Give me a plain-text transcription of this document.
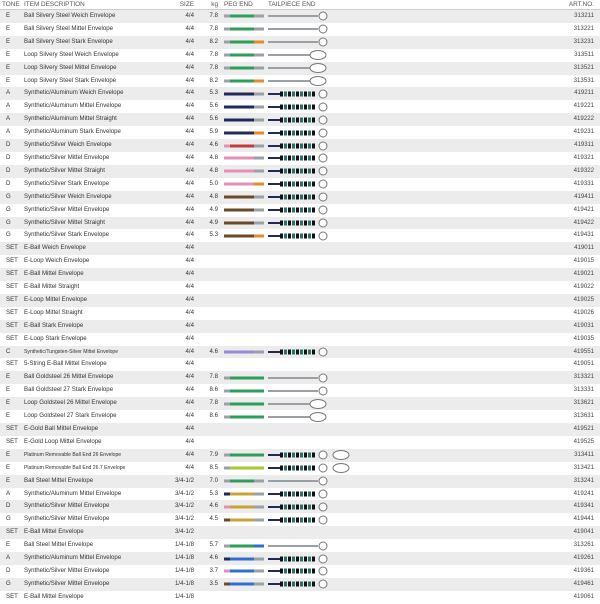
TONE	ITEM DESCRIPTION	SIZE	kg	PEG END	TAILPIECE END	ART.NO.
E	Ball Silvery Steel Weich Envelope	4/4	7.8			313211
E	Ball Silvery Steel Mittel Envelope	4/4	7.8			313221
E	Ball Silvery Steel Stark Envelope	4/4	8.2			313231
E	Loop Silvery Steel Weich Envelope	4/4	7.8			313511
E	Loop Silvery Steel Mittel Envelope	4/4	7.8			313521
E	Loop Silvery Steel Stark Envelope	4/4	8.2			313531
A	Synthetic/Aluminum Weich Envelope	4/4	5.3			419211
A	Synthetic/Aluminum Mittel Envelope	4/4	5.6			419221
A	Synthetic/Aluminum Mittel Straight	4/4	5.6			419222
A	Synthetic/Aluminum Stark Envelope	4/4	5.9			419231
D	Synthetic/Silver Weich Envelope	4/4	4.6			419311
D	Synthetic/Silver Mittel Envelope	4/4	4.8			419321
D	Synthetic/Silver Mittel Straight	4/4	4.8			419322
D	Synthetic/Silver Stark Envelope	4/4	5.0			419331
G	Synthetic/Silver Weich Envelope	4/4	4.8			419411
G	Synthetic/Silver Mittel Envelope	4/4	4.9			419421
G	Synthetic/Silver Mittel Straight	4/4	4.9			419422
G	Synthetic/Silver Stark Envelope	4/4	5.3			419431
SET	E-Ball Weich Envelope	4/4				419011
SET	E-Loop Weich Envelope	4/4				419015
SET	E-Ball Mittel Envelope	4/4				419021
SET	E-Ball Mittel Straight	4/4				419022
SET	E-Loop Mittel Envelope	4/4				419025
SET	E-Loop Mittel Straight	4/4				419026
SET	E-Ball Stark Envelope	4/4				419031
SET	E-Loop Stark Envelope	4/4				419035
C	Synthetic/Tungsten-Silver Mittel Envelope	4/4	4.6			419551
SET	5-String E-Ball Mittel Envelope	4/4				419051
E	Ball Goldsteel 26 Mittel Envelope	4/4	7.8			313321
E	Ball Goldsteel 27 Stark Envelope	4/4	8.6			313331
E	Loop Goldsteel 26 Mittel Envelope	4/4	7.8			313621
E	Loop Goldsteel 27 Stark Envelope	4/4	8.6			313631
SET	E-Gold Ball Mittel Envelope	4/4				419521
SET	E-Gold Loop Mittel Envelope	4/4				419525
E	Platinum Removable Ball End 26 Envelope	4/4	7.9			313411
E	Platinum Removable Ball End 26.7 Envelope	4/4	8.5			313421
E	Ball Steel Mittel Envelope	3/4-1/2	7.0			313241
A	Synthetic/Aluminum Mittel Envelope	3/4-1/2	5.3			419241
D	Synthetic/Silver Mittel Envelope	3/4-1/2	4.6			419341
G	Synthetic/Silver Mittel Envelope	3/4-1/2	4.5			419441
SET	E-Ball Mittel Envelope	3/4-1/2				419041
E	Ball Steel Mittel Envelope	1/4-1/8	5.7			313261
A	Synthetic/Aluminum Mittel Envelope	1/4-1/8	4.6			419261
D	Synthetic/Silver Mittel Envelope	1/4-1/8	3.7			419361
G	Synthetic/Silver Mittel Envelope	1/4-1/8	3.5			419461
SET	E-Ball Mittel Envelope	1/4-1/8				419061
